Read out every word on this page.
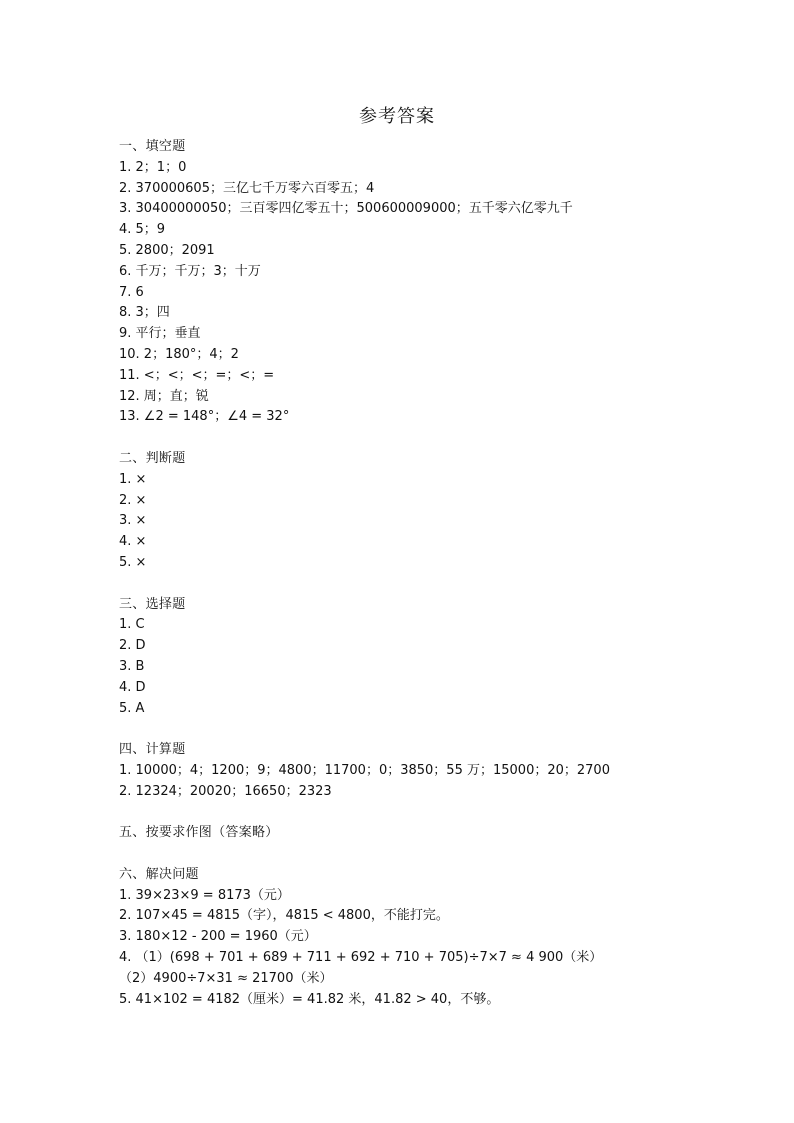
参考答案
一、填空题
1. 2；1；0
2. 370000605；三亿七千万零六百零五；4
3. 30400000050；三百零四亿零五十；500600009000；五千零六亿零九千
4. 5；9
5. 2800；2091
6. 千万；千万；3；十万
7. 6
8. 3；四
9. 平行；垂直
10. 2；180°；4；2
11. <；<；<；=；<；=
12. 周；直；锐
13. ∠2 = 148°；∠4 = 32°
二、判断题
1. ×
2. ×
3. ×
4. ×
5. ×
三、选择题
1. C
2. D
3. B
4. D
5. A
四、计算题
1. 10000；4；1200；9；4800；11700；0；3850；55 万；15000；20；2700
2. 12324；20020；16650；2323
五、按要求作图（答案略）
六、解决问题
1. 39×23×9 = 8173（元）
2. 107×45 = 4815（字），4815 < 4800，不能打完。
3. 180×12 - 200 = 1960（元）
4. （1）(698 + 701 + 689 + 711 + 692 + 710 + 705)÷7×7 ≈ 4 900（米）
（2）4900÷7×31 ≈ 21700（米）
5. 41×102 = 4182（厘米）= 41.82 米，41.82 > 40，不够。
